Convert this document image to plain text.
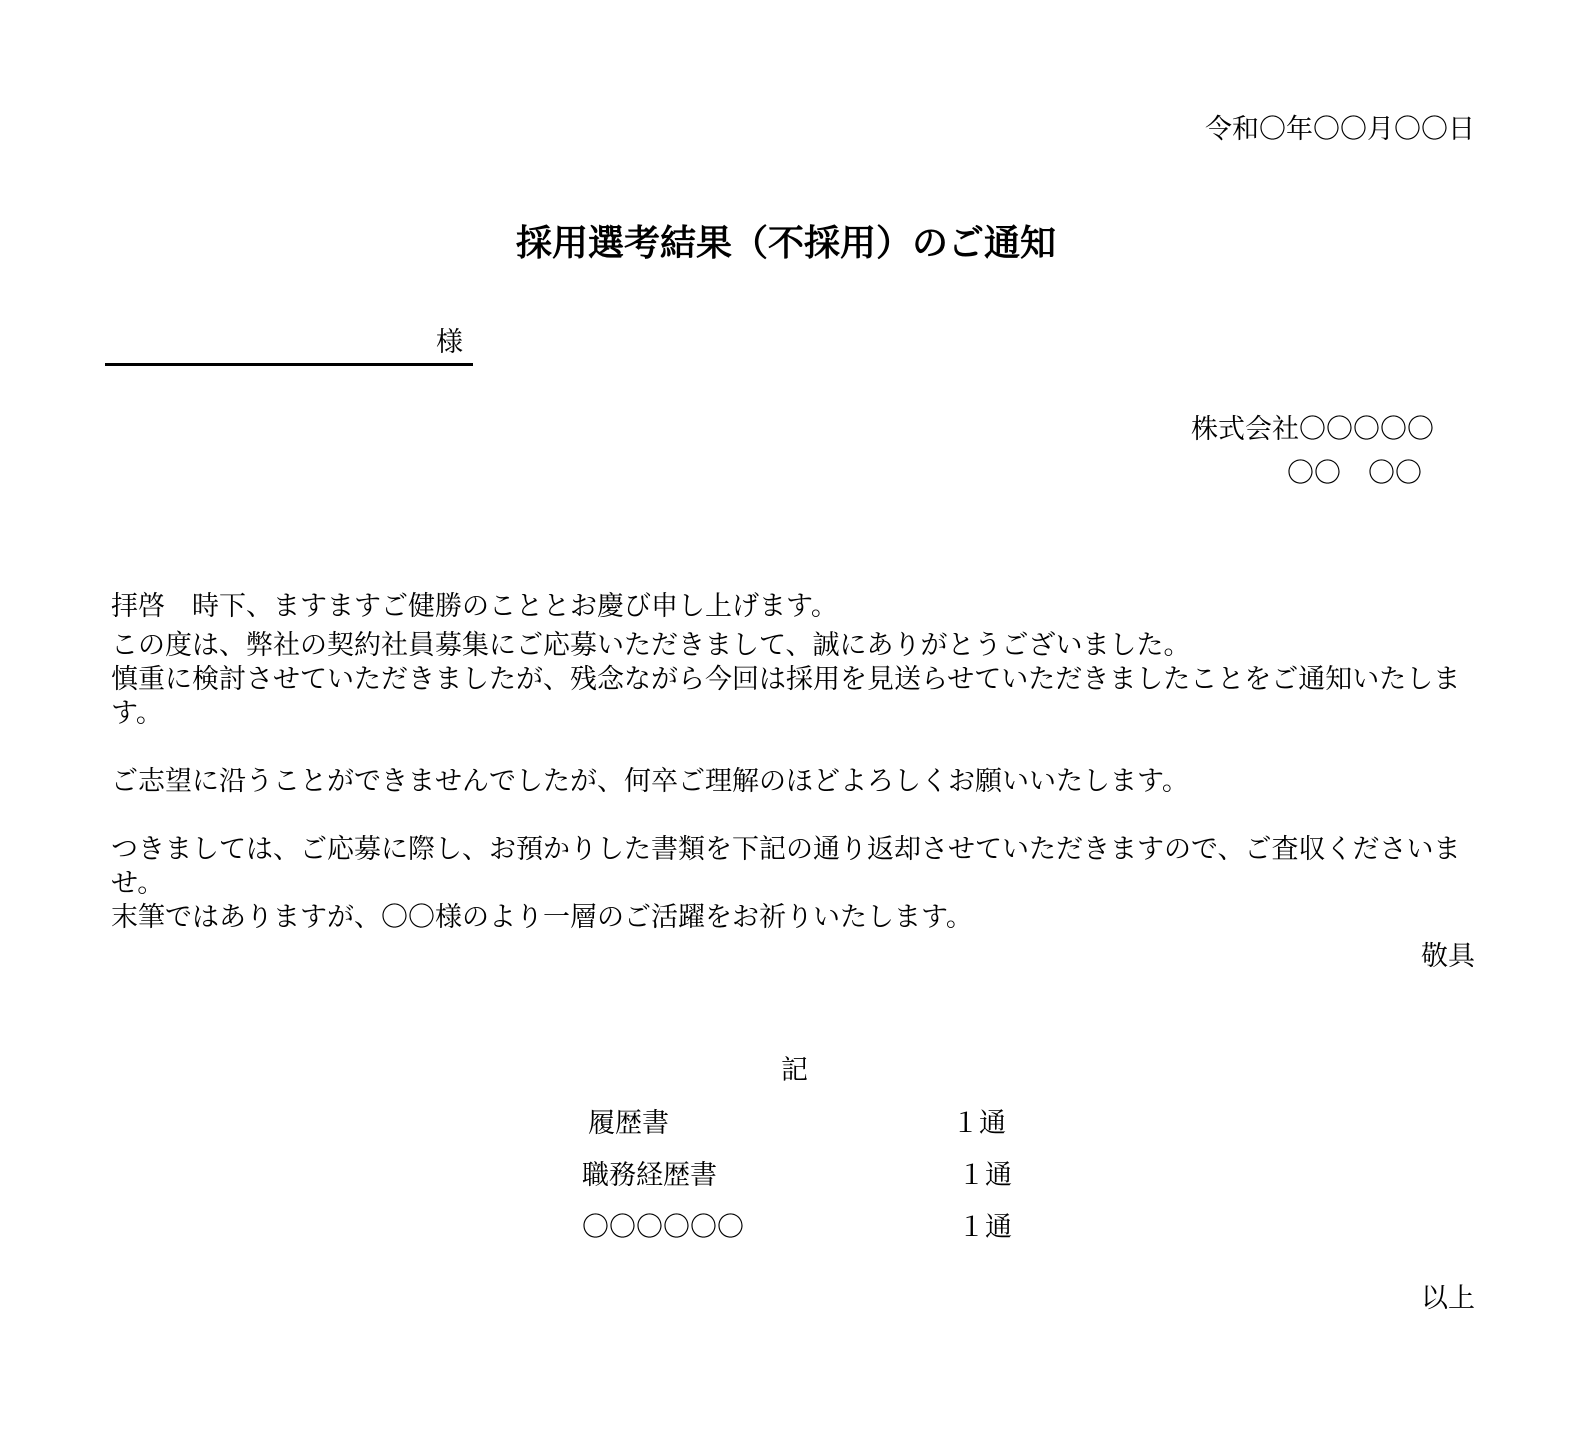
令和〇年〇〇月〇〇日
採用選考結果（不採用）のご通知
様
株式会社〇〇〇〇〇
〇〇　〇〇
拝啓　時下、ますますご健勝のこととお慶び申し上げます。
この度は、弊社の契約社員募集にご応募いただきまして、誠にありがとうございました。
慎重に検討させていただきましたが、残念ながら今回は採用を見送らせていただきましたことをご通知いたします。
ご志望に沿うことができませんでしたが、何卒ご理解のほどよろしくお願いいたします。
つきましては、ご応募に際し、お預かりした書類を下記の通り返却させていただきますので、ご査収くださいませ。
末筆ではありますが、〇〇様のより一層のご活躍をお祈りいたします。
敬具
記
履歴書	１通
職務経歴書	１通
〇〇〇〇〇〇	１通
以上
